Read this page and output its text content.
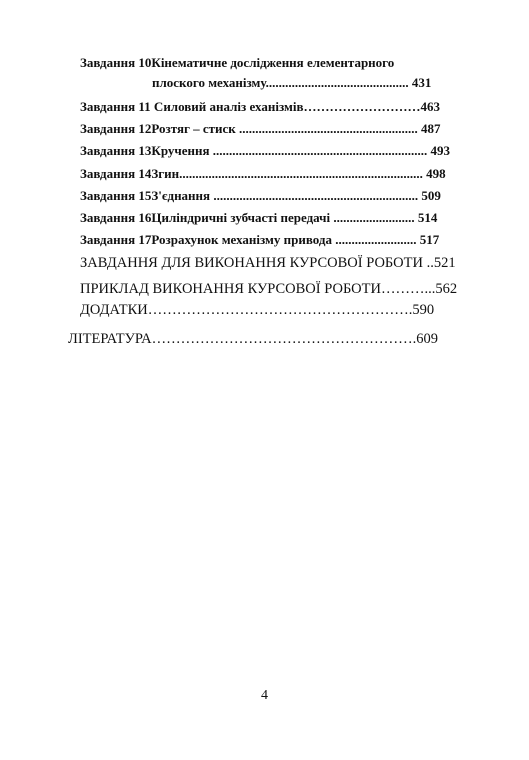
Завдання 10Кінематичне дослідження елементарного
плоского механізму............................................ 431
Завдання 11 Силовий аналіз еханізмів………………………463
Завдання 12Розтяг – стиск ....................................................... 487
Завдання 13Кручення .................................................................. 493
Завдання 14Згин........................................................................... 498
Завдання 15З'єднання ............................................................... 509
Завдання 16Циліндричні зубчасті передачі ......................... 514
Завдання 17Розрахунок механізму привода ......................... 517
ЗАВДАННЯ ДЛЯ ВИКОНАННЯ КУРСОВОЇ РОБОТИ ..521
ПРИКЛАД ВИКОНАННЯ КУРСОВОЇ РОБОТИ………...562
ДОДАТКИ……………………………………………….590
ЛІТЕРАТУРА……………………………………………….609
4
